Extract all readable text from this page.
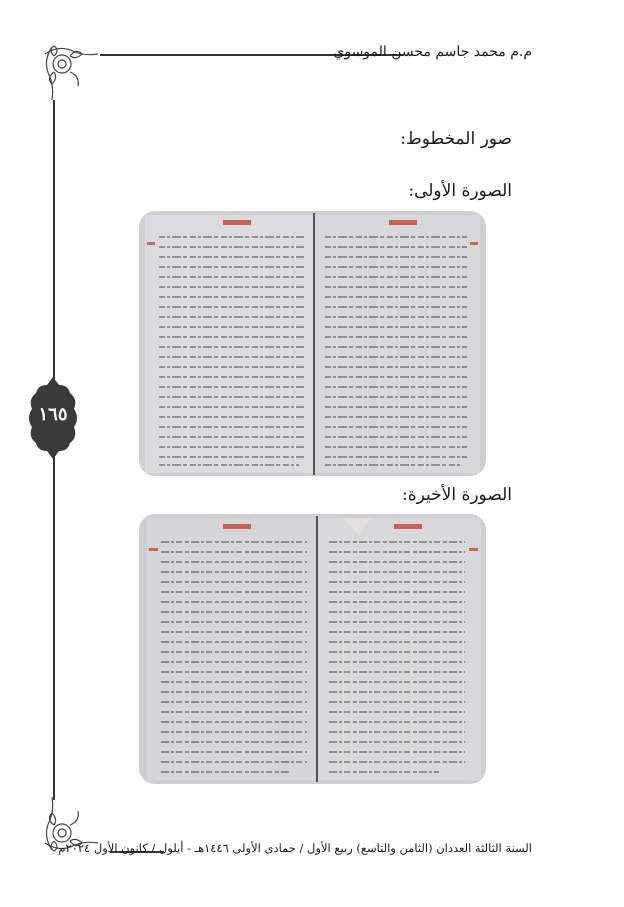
م.م محمد جاسم محسن الموسوي
١٦٥
صور المخطوط:
الصورة الأولى:
الصورة الأخيرة:
السنة الثالثة العددان (الثامن والتاسع) ربيع الأول / جمادى الأولى ١٤٤٦هـ - أيلول / كانون الأول ٢٠٢٤م
